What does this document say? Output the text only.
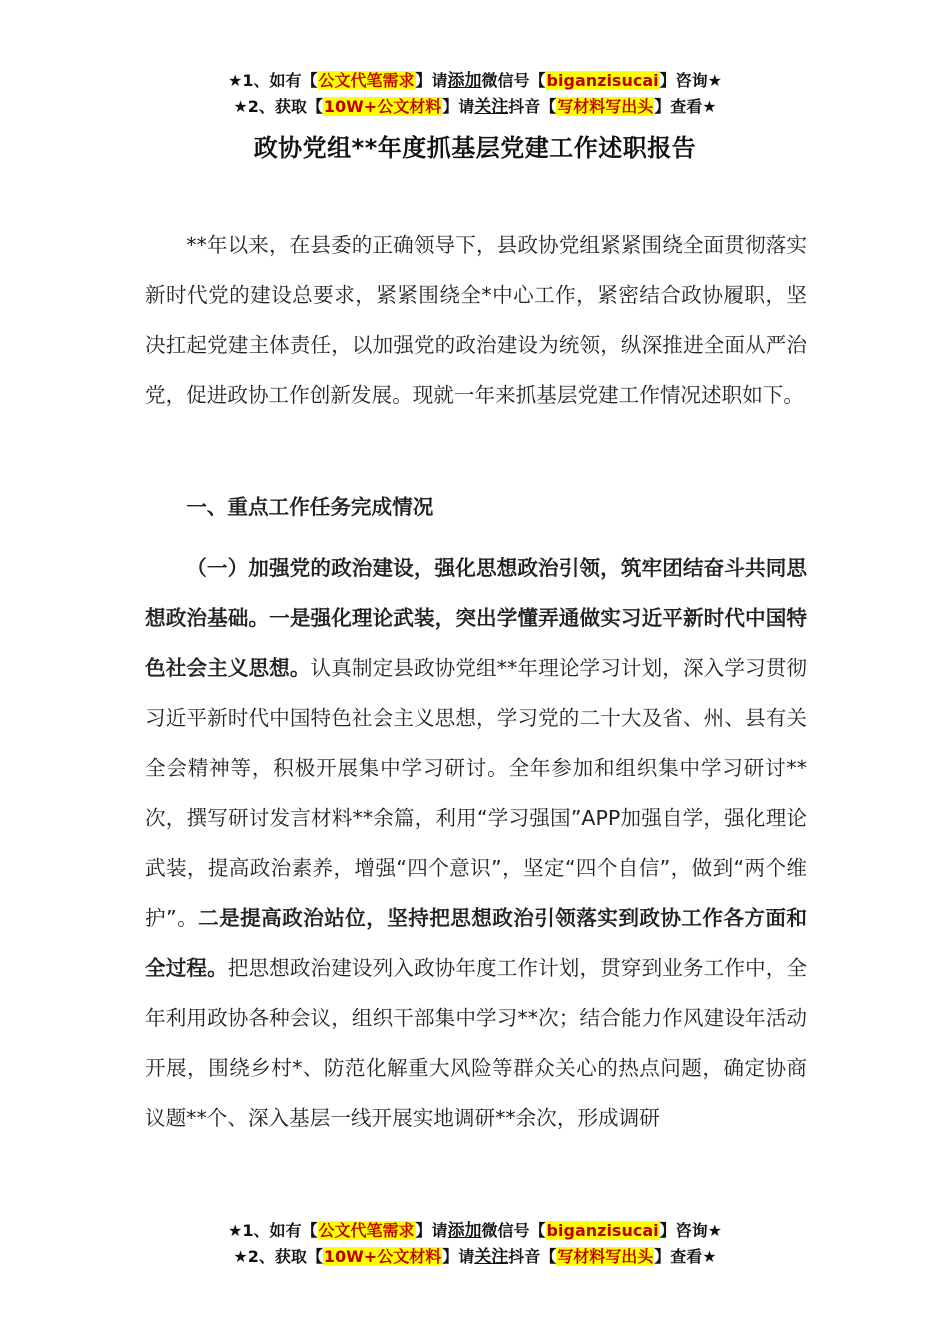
★1、如有【公文代笔需求】请添加微信号【biganzisucai】咨询★
★2、获取【10W+公文材料】请关注抖音【写材料写出头】查看★
政协党组**年度抓基层党建工作述职报告
**年以来，在县委的正确领导下，县政协党组紧紧围绕全面贯彻落实新时代党的建设总要求，紧紧围绕全*中心工作，紧密结合政协履职，坚决扛起党建主体责任，以加强党的政治建设为统领，纵深推进全面从严治党，促进政协工作创新发展。现就一年来抓基层党建工作情况述职如下。
一、重点工作任务完成情况
（一）加强党的政治建设，强化思想政治引领，筑牢团结奋斗共同思想政治基础。一是强化理论武装，突出学懂弄通做实习近平新时代中国特色社会主义思想。认真制定县政协党组**年理论学习计划，深入学习贯彻习近平新时代中国特色社会主义思想，学习党的二十大及省、州、县有关全会精神等，积极开展集中学习研讨。全年参加和组织集中学习研讨**次，撰写研讨发言材料**余篇，利用“学习强国”APP加强自学，强化理论武装，提高政治素养，增强“四个意识”，坚定“四个自信”，做到“两个维护”。二是提高政治站位，坚持把思想政治引领落实到政协工作各方面和全过程。把思想政治建设列入政协年度工作计划，贯穿到业务工作中，全年利用政协各种会议，组织干部集中学习**次；结合能力作风建设年活动开展，围绕乡村*、防范化解重大风险等群众关心的热点问题，确定协商议题**个、深入基层一线开展实地调研**余次，形成调研
★1、如有【公文代笔需求】请添加微信号【biganzisucai】咨询★
★2、获取【10W+公文材料】请关注抖音【写材料写出头】查看★
